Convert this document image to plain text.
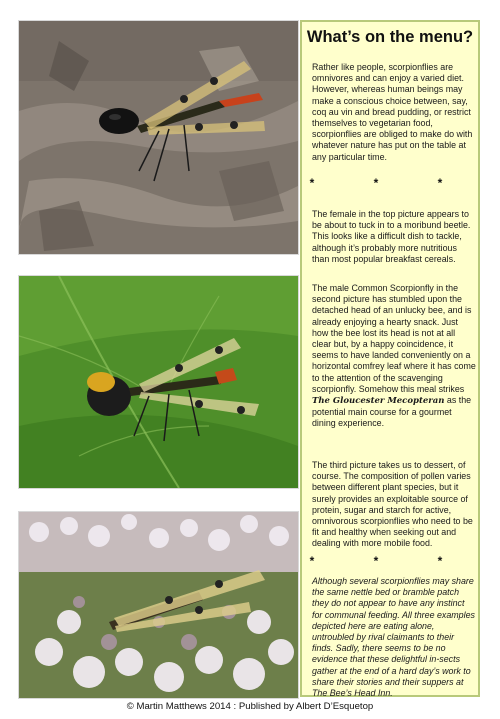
What’s on the menu?

Rather like people, scorpionflies are omnivores and can enjoy a varied diet. However, whereas human beings may make a conscious choice between, say, coq au vin and bread pudding, or restrict themselves to vegetarian food, scorpionflies are obliged to make do with whatever nature has put on the table at any particular time.

* * *

The female in the top picture appears to be about to tuck in to a moribund beetle. This looks like a difficult dish to tackle, although it’s probably more nutritious than most popular breakfast cereals.

The male Common Scorpionfly in the second picture has stumbled upon the detached head of an unlucky bee, and is already enjoying a hearty snack. Just how the bee lost its head is not at all clear but, by a happy coincidence, it seems to have landed conveniently on a horizontal comfrey leaf where it has come to the attention of the scavenging scorpionfly. Somehow this meal strikes The Gloucester Mecopteran as the potential main course for a gourmet dining experience.

The third picture takes us to dessert, of course. The composition of pollen varies between different plant species, but it surely provides an exploitable source of protein, sugar and starch for active, omnivorous scorpionflies who need to be fit and healthy when seeking out and dealing with more mobile food.

* * *

Although several scorpionflies may share the same nettle bed or bramble patch they do not appear to have any instinct for communal feeding. All three examples depicted here are eating alone, untroubled by rival claimants to their finds. Sadly, there seems to be no evidence that these delightful in-sects gather at the end of a hard day’s work to share their stories and their suppers at The Bee’s Head Inn.

© Martin Matthews 2014 : Published by Albert D’Esquetop
